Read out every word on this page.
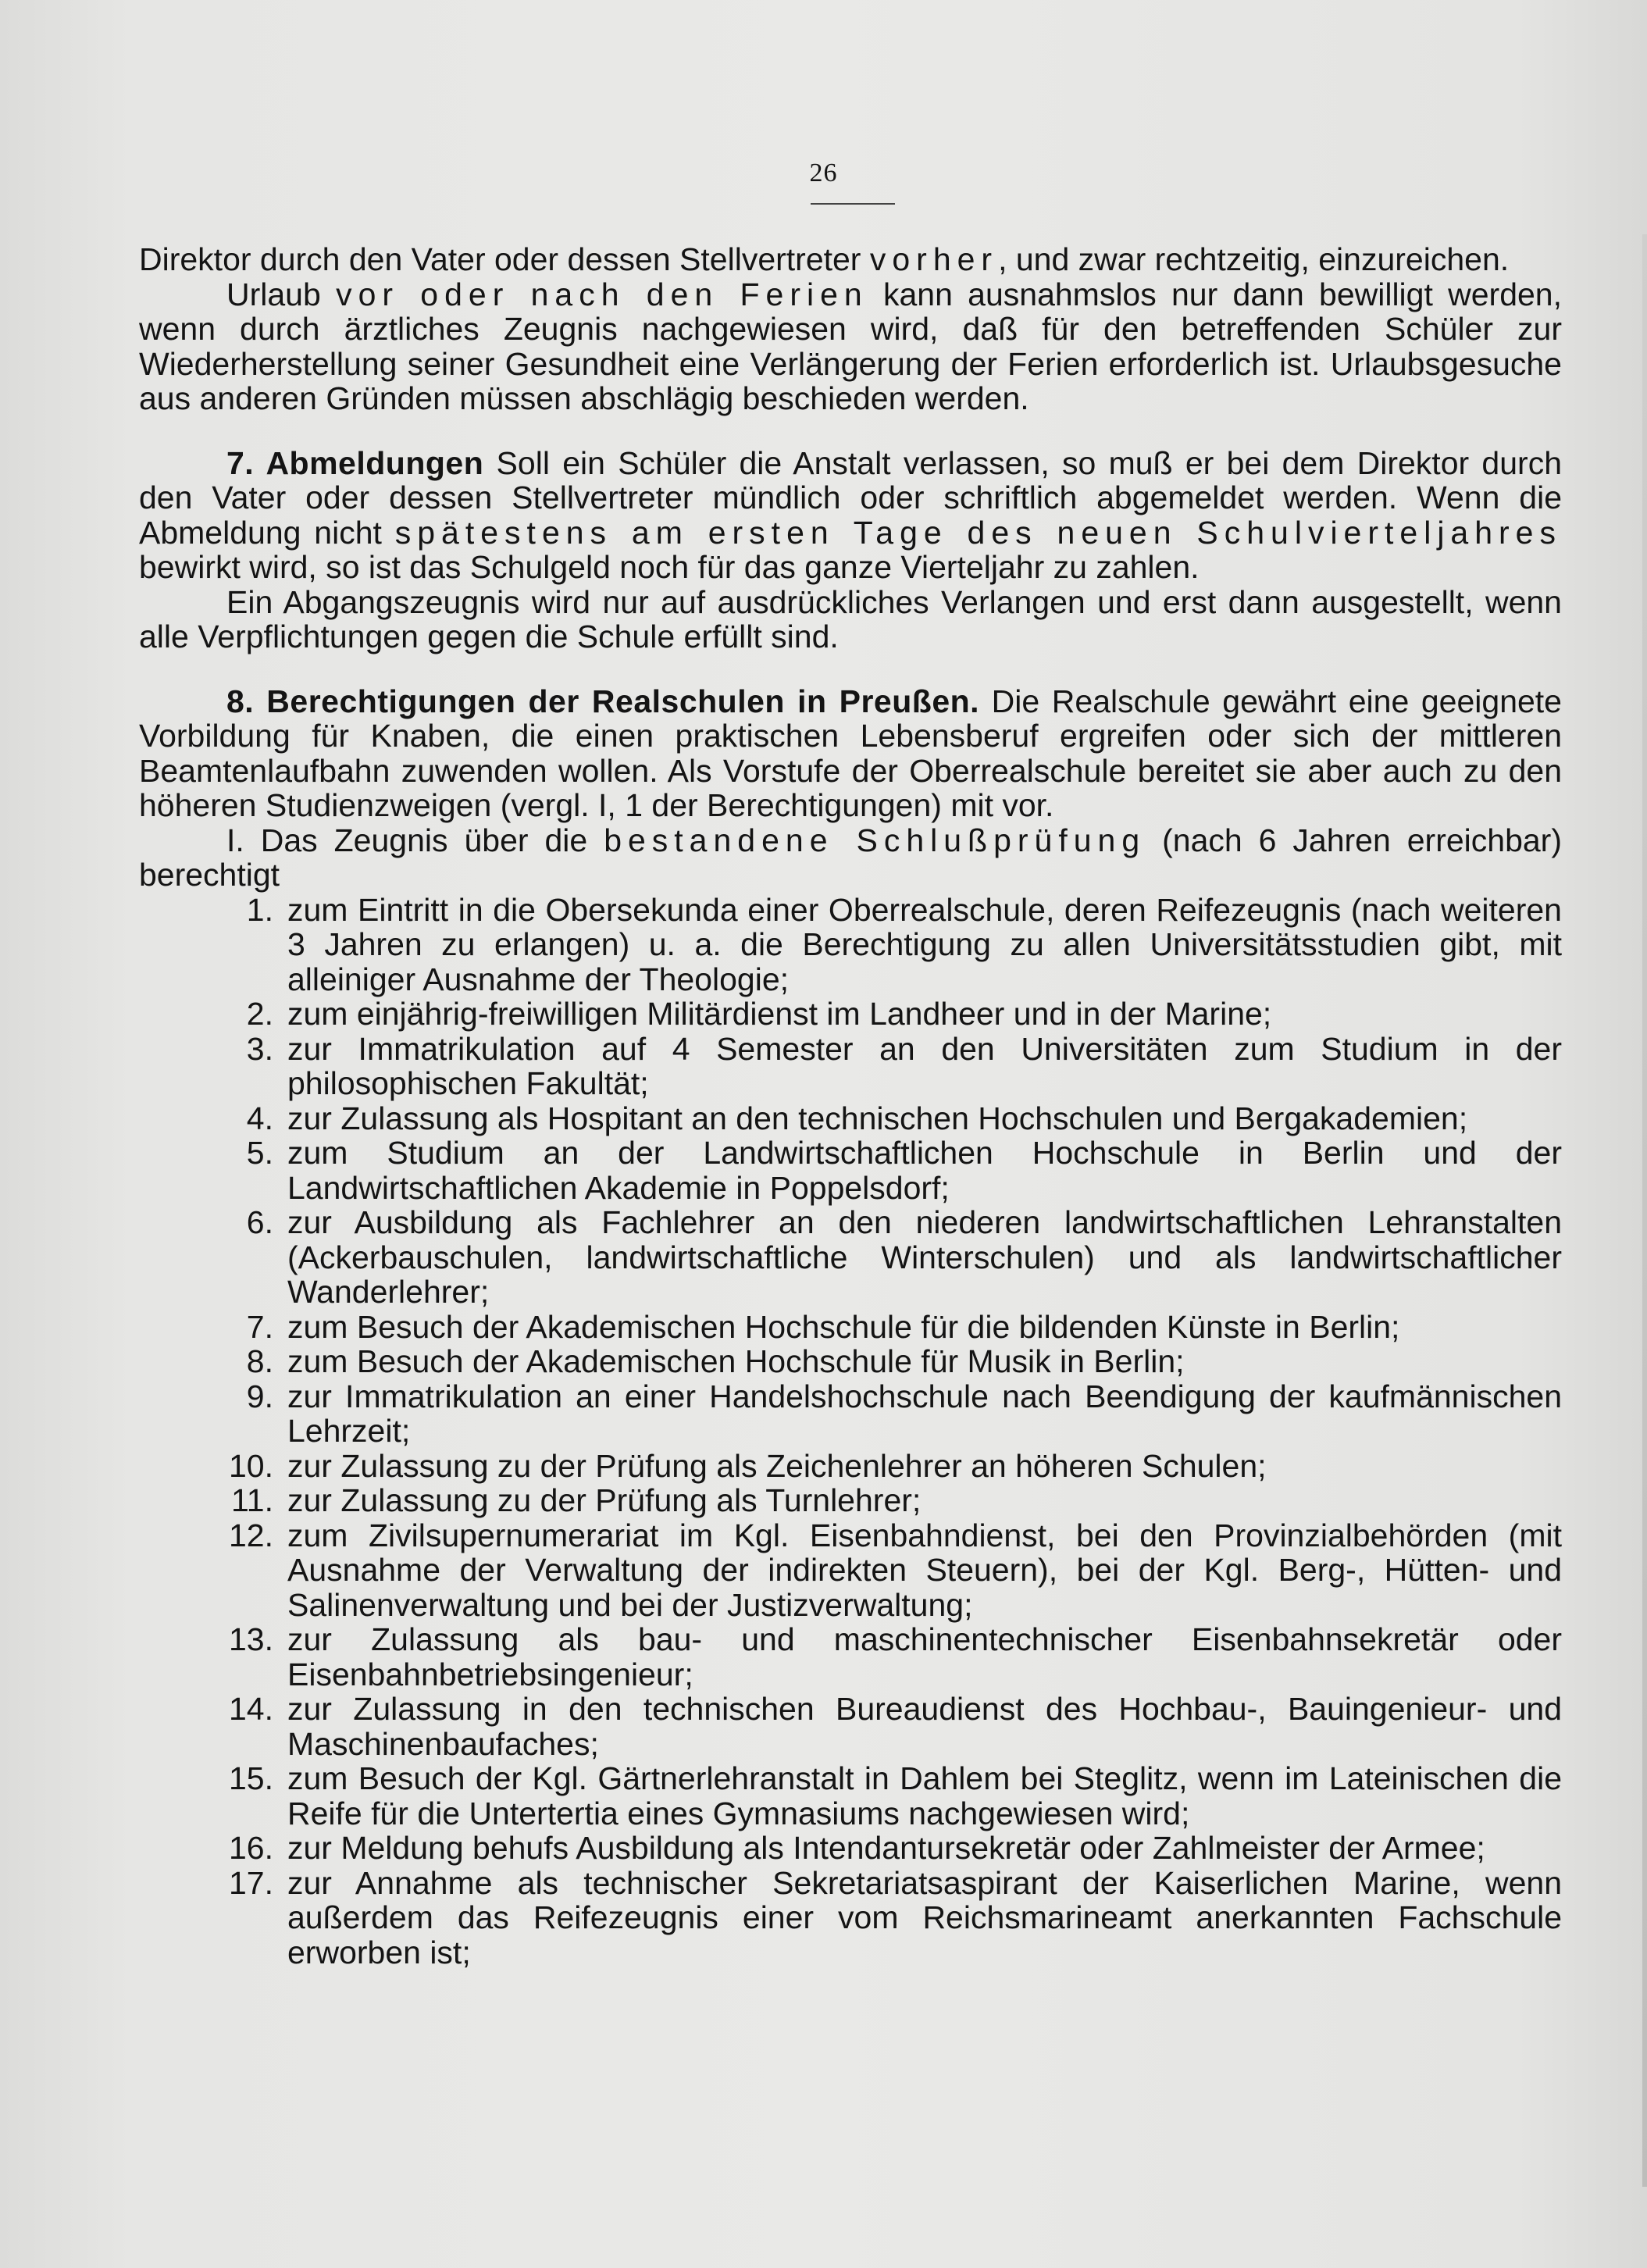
26

Direktor durch den Vater oder dessen Stellvertreter vorher, und zwar rechtzeitig, einzureichen.

Urlaub vor oder nach den Ferien kann ausnahmslos nur dann bewilligt werden, wenn durch ärztliches Zeugnis nachgewiesen wird, daß für den betreffenden Schüler zur Wiederherstellung seiner Gesundheit eine Verlängerung der Ferien erforderlich ist. Urlaubsgesuche aus anderen Gründen müssen abschlägig beschieden werden.

7. Abmeldungen Soll ein Schüler die Anstalt verlassen, so muß er bei dem Direktor durch den Vater oder dessen Stellvertreter mündlich oder schriftlich abgemeldet werden. Wenn die Abmeldung nicht spätestens am ersten Tage des neuen Schulvierteljahres bewirkt wird, so ist das Schulgeld noch für das ganze Vierteljahr zu zahlen.

Ein Abgangszeugnis wird nur auf ausdrückliches Verlangen und erst dann ausgestellt, wenn alle Verpflichtungen gegen die Schule erfüllt sind.

8. Berechtigungen der Realschulen in Preußen. Die Realschule gewährt eine geeignete Vorbildung für Knaben, die einen praktischen Lebensberuf ergreifen oder sich der mittleren Beamtenlaufbahn zuwenden wollen. Als Vorstufe der Oberrealschule bereitet sie aber auch zu den höheren Studienzweigen (vergl. I, 1 der Berechtigungen) mit vor.

I. Das Zeugnis über die bestandene Schlußprüfung (nach 6 Jahren erreichbar) berechtigt

1. zum Eintritt in die Obersekunda einer Oberrealschule, deren Reifezeugnis (nach weiteren 3 Jahren zu erlangen) u. a. die Berechtigung zu allen Universitätsstudien gibt, mit alleiniger Ausnahme der Theologie;
2. zum einjährig-freiwilligen Militärdienst im Landheer und in der Marine;
3. zur Immatrikulation auf 4 Semester an den Universitäten zum Studium in der philosophischen Fakultät;
4. zur Zulassung als Hospitant an den technischen Hochschulen und Bergakademien;
5. zum Studium an der Landwirtschaftlichen Hochschule in Berlin und der Landwirtschaftlichen Akademie in Poppelsdorf;
6. zur Ausbildung als Fachlehrer an den niederen landwirtschaftlichen Lehranstalten (Ackerbauschulen, landwirtschaftliche Winterschulen) und als landwirtschaftlicher Wanderlehrer;
7. zum Besuch der Akademischen Hochschule für die bildenden Künste in Berlin;
8. zum Besuch der Akademischen Hochschule für Musik in Berlin;
9. zur Immatrikulation an einer Handelshochschule nach Beendigung der kaufmännischen Lehrzeit;
10. zur Zulassung zu der Prüfung als Zeichenlehrer an höheren Schulen;
11. zur Zulassung zu der Prüfung als Turnlehrer;
12. zum Zivilsupernumerariat im Kgl. Eisenbahndienst, bei den Provinzialbehörden (mit Ausnahme der Verwaltung der indirekten Steuern), bei der Kgl. Berg-, Hütten- und Salinenverwaltung und bei der Justizverwaltung;
13. zur Zulassung als bau- und maschinentechnischer Eisenbahnsekretär oder Eisenbahnbetriebsingenieur;
14. zur Zulassung in den technischen Bureaudienst des Hochbau-, Bauingenieur- und Maschinenbaufaches;
15. zum Besuch der Kgl. Gärtnerlehranstalt in Dahlem bei Steglitz, wenn im Lateinischen die Reife für die Untertertia eines Gymnasiums nachgewiesen wird;
16. zur Meldung behufs Ausbildung als Intendantursekretär oder Zahlmeister der Armee;
17. zur Annahme als technischer Sekretariatsaspirant der Kaiserlichen Marine, wenn außerdem das Reifezeugnis einer vom Reichsmarineamt anerkannten Fachschule erworben ist;
